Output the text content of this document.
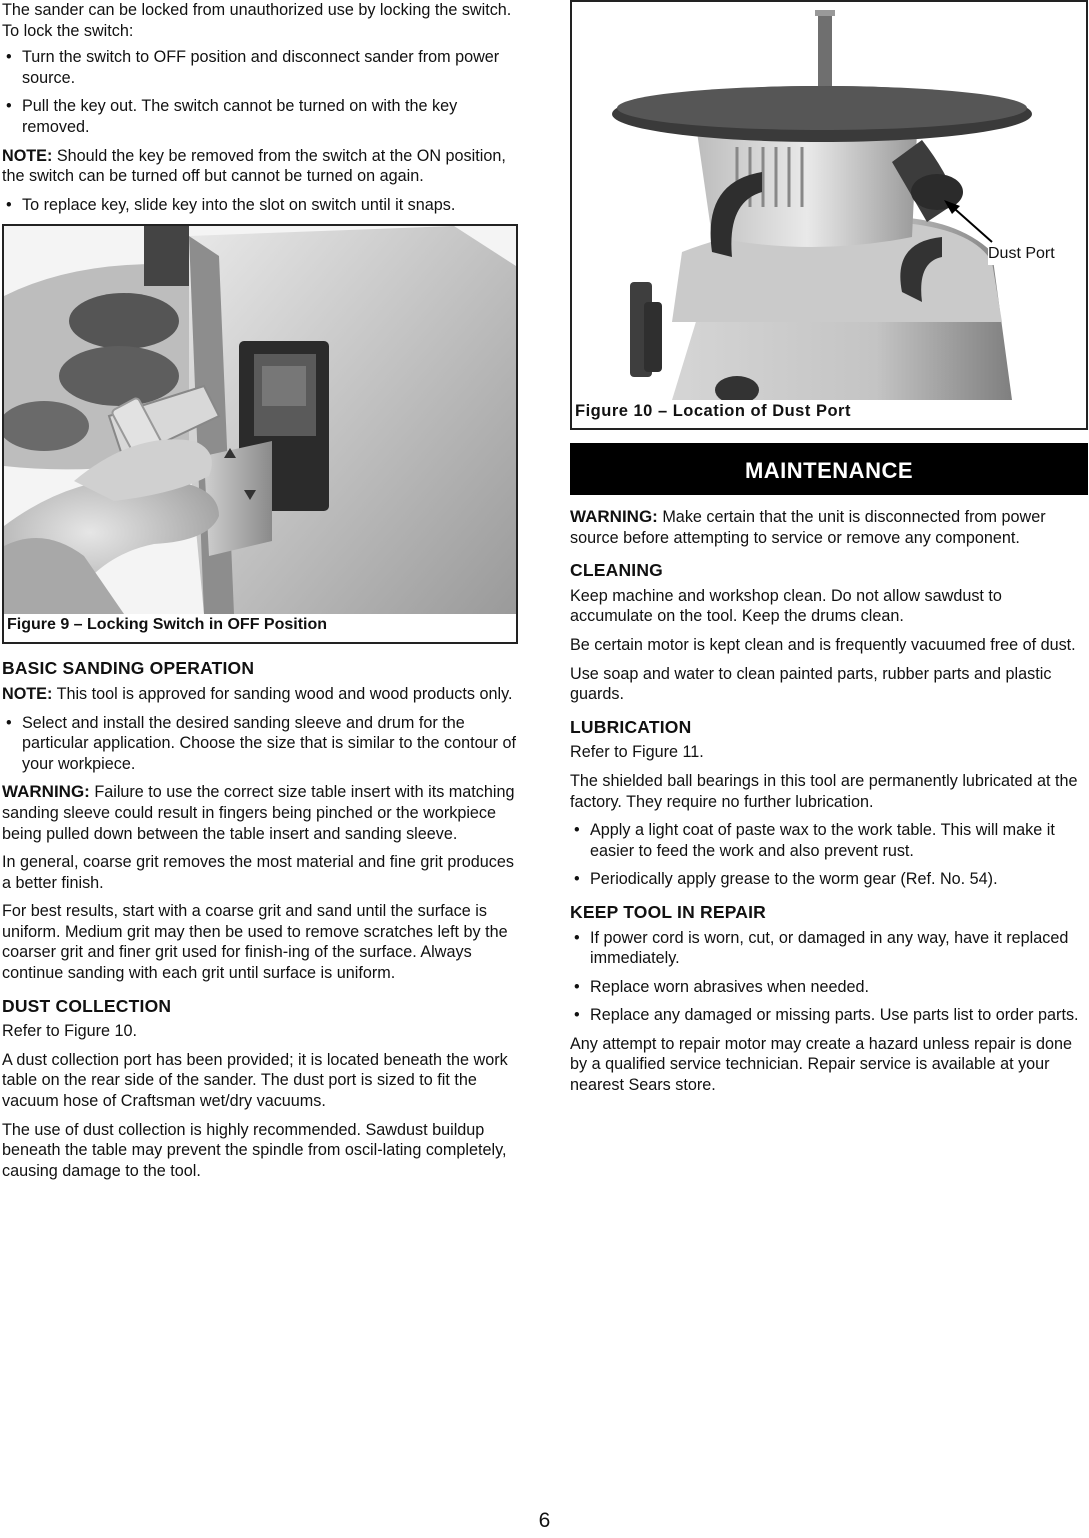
The sander can be locked from unauthorized use by locking the switch. To lock the switch:

• Turn the switch to OFF position and disconnect sander from power source.
• Pull the key out. The switch cannot be turned on with the key removed.

NOTE: Should the key be removed from the switch at the ON position, the switch can be turned off but cannot be turned on again.

• To replace key, slide key into the slot on switch until it snaps.
Figure 9 – Locking Switch in OFF Position
BASIC SANDING OPERATION

NOTE: This tool is approved for sanding wood and wood products only.

• Select and install the desired sanding sleeve and drum for the particular application. Choose the size that is similar to the contour of your workpiece.

WARNING: Failure to use the correct size table insert with its matching sanding sleeve could result in fingers being pinched or the workpiece being pulled down between the table insert and sanding sleeve.

In general, coarse grit removes the most material and fine grit produces a better finish.

For best results, start with a coarse grit and sand until the surface is uniform. Medium grit may then be used to remove scratches left by the coarser grit and finer grit used for finish-ing of the surface. Always continue sanding with each grit until surface is uniform.

DUST COLLECTION

Refer to Figure 10.

A dust collection port has been provided; it is located beneath the work table on the rear side of the sander. The dust port is sized to fit the vacuum hose of Craftsman wet/dry vacuums.

The use of dust collection is highly recommended. Sawdust buildup beneath the table may prevent the spindle from oscil-lating completely, causing damage to the tool.

Dust Port
Figure 10 – Location of Dust Port
MAINTENANCE

WARNING: Make certain that the unit is disconnected from power source before attempting to service or remove any component.

CLEANING

Keep machine and workshop clean. Do not allow sawdust to accumulate on the tool. Keep the drums clean.

Be certain motor is kept clean and is frequently vacuumed free of dust.

Use soap and water to clean painted parts, rubber parts and plastic guards.

LUBRICATION

Refer to Figure 11.

The shielded ball bearings in this tool are permanently lubricated at the factory. They require no further lubrication.

• Apply a light coat of paste wax to the work table. This will make it easier to feed the work and also prevent rust.
• Periodically apply grease to the worm gear (Ref. No. 54).
KEEP TOOL IN REPAIR
• If power cord is worn, cut, or damaged in any way, have it replaced immediately.
• Replace worn abrasives when needed.
• Replace any damaged or missing parts. Use parts list to order parts.

Any attempt to repair motor may create a hazard unless repair is done by a qualified service technician. Repair service is available at your nearest Sears store.

6
